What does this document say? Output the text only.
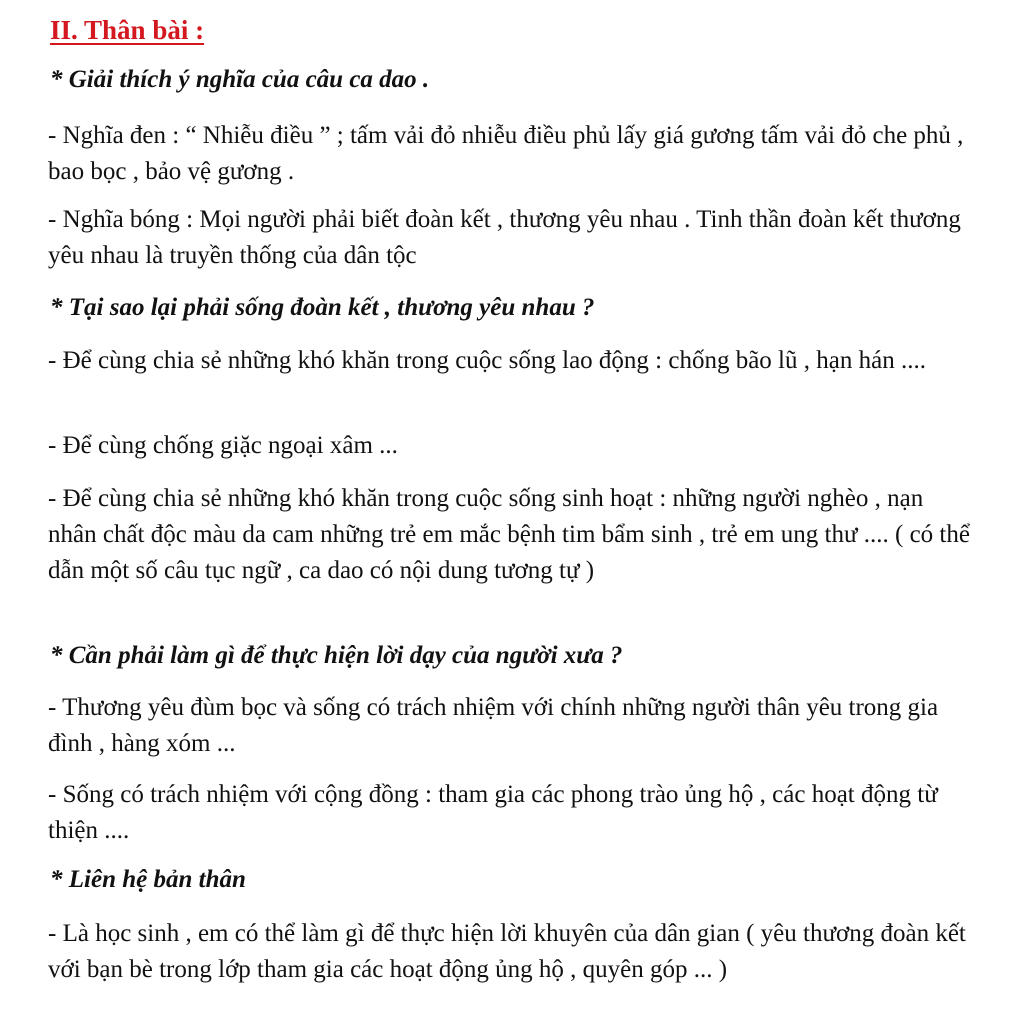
II. Thân bài :
* Giải thích ý nghĩa của câu ca dao .

- Nghĩa đen : “ Nhiễu điều ” ; tấm vải đỏ nhiễu điều phủ lấy giá gương tấm vải đỏ che phủ , bao bọc , bảo vệ gương .

- Nghĩa bóng : Mọi người phải biết đoàn kết , thương yêu nhau . Tinh thần đoàn kết thương yêu nhau là truyền thống của dân tộc

* Tại sao lại phải sống đoàn kết , thương yêu nhau ?

- Để cùng chia sẻ những khó khăn trong cuộc sống lao động : chống bão lũ , hạn hán ....

- Để cùng chống giặc ngoại xâm ...

- Để cùng chia sẻ những khó khăn trong cuộc sống sinh hoạt : những người nghèo , nạn nhân chất độc màu da cam những trẻ em mắc bệnh tim bẩm sinh , trẻ em ung thư .... ( có thể dẫn một số câu tục ngữ , ca dao có nội dung tương tự )

* Cần phải làm gì để thực hiện lời dạy của người xưa ?

- Thương yêu đùm bọc và sống có trách nhiệm với chính những người thân yêu trong gia đình , hàng xóm ...

- Sống có trách nhiệm với cộng đồng : tham gia các phong trào ủng hộ , các hoạt động từ thiện ....

* Liên hệ bản thân

- Là học sinh , em có thể làm gì để thực hiện lời khuyên của dân gian ( yêu thương đoàn kết với bạn bè trong lớp tham gia các hoạt động ủng hộ , quyên góp ... )
